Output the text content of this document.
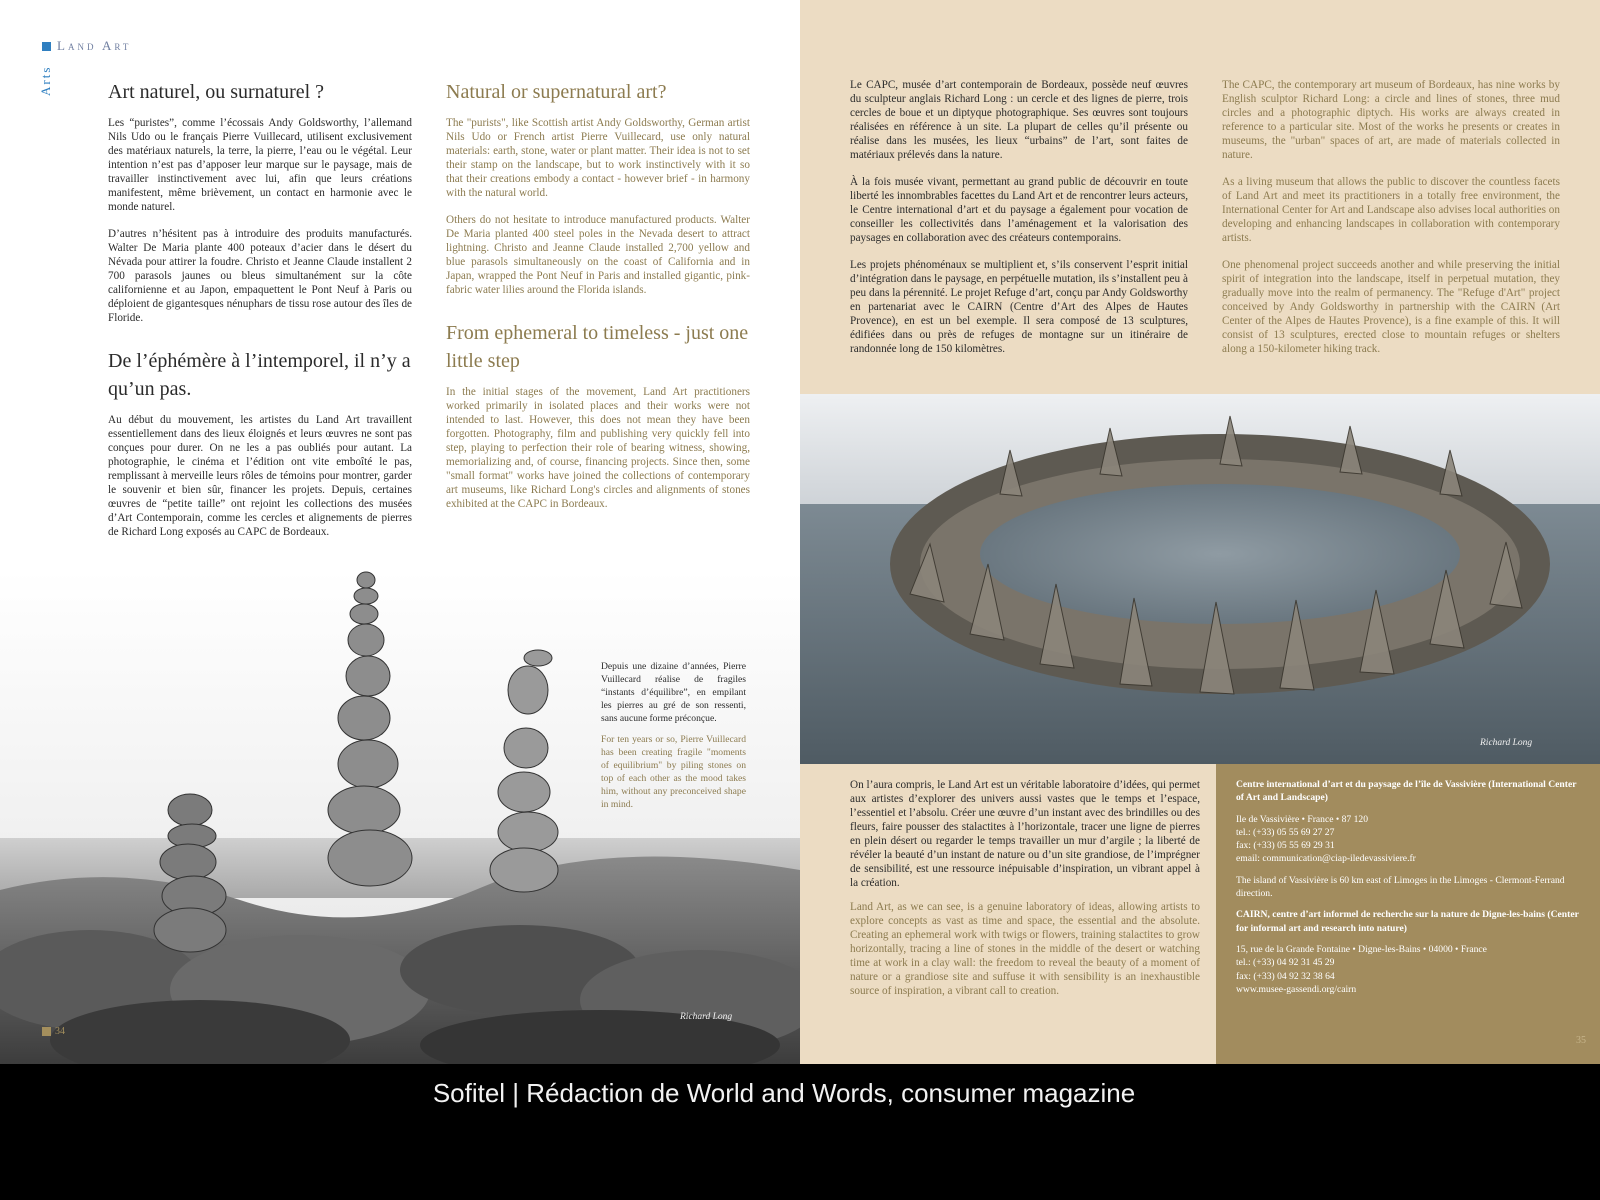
Land Art
Arts	Art naturel, ou surnaturel ?

Les “puristes”, comme l’écossais Andy Goldsworthy, l’allemand Nils Udo ou le français Pierre Vuillecard, utilisent exclusivement des matériaux naturels, la terre, la pierre, l’eau ou le végétal. Leur intention n’est pas d’apposer leur marque sur le paysage, mais de travailler instinctivement avec lui, afin que leurs créations manifestent, même brièvement, un contact en harmonie avec le monde naturel.

D’autres n’hésitent pas à introduire des produits manufacturés. Walter De Maria plante 400 poteaux d’acier dans le désert du Névada pour attirer la foudre. Christo et Jeanne Claude installent 2 700 parasols jaunes ou bleus simultanément sur la côte californienne et au Japon, empaquettent le Pont Neuf à Paris ou déploient de gigantesques nénuphars de tissu rose autour des îles de Floride.

De l’éphémère à l’intemporel, il n’y a qu’un pas.

Au début du mouvement, les artistes du Land Art travaillent essentiellement dans des lieux éloignés et leurs œuvres ne sont pas conçues pour durer. On ne les a pas oubliés pour autant. La photographie, le cinéma et l’édition ont vite emboîté le pas, remplissant à merveille leurs rôles de témoins pour montrer, garder le souvenir et bien sûr, financer les projets. Depuis, certaines œuvres de “petite taille” ont rejoint les collections des musées d’Art Contemporain, comme les cercles et alignements de pierres de Richard Long exposés au CAPC de Bordeaux.

Natural or supernatural art?

The "purists", like Scottish artist Andy Goldsworthy, German artist Nils Udo or French artist Pierre Vuillecard, use only natural materials: earth, stone, water or plant matter. Their idea is not to set their stamp on the landscape, but to work instinctively with it so that their creations embody a contact - however brief - in harmony with the natural world.

Others do not hesitate to introduce manufactured products. Walter De Maria planted 400 steel poles in the Nevada desert to attract lightning. Christo and Jeanne Claude installed 2,700 yellow and blue parasols simultaneously on the coast of California and in Japan, wrapped the Pont Neuf in Paris and installed gigantic, pink-fabric water lilies around the Florida islands.

From ephemeral to timeless - just one little step

In the initial stages of the movement, Land Art practitioners worked primarily in isolated places and their works were not intended to last. However, this does not mean they have been forgotten. Photography, film and publishing very quickly fell into step, playing to perfection their role of bearing witness, showing, memorializing and, of course, financing projects. Since then, some "small format" works have joined the collections of contemporary art museums, like Richard Long's circles and alignments of stones exhibited at the CAPC in Bordeaux.

Depuis une dizaine d’années, Pierre Vuillecard réalise de fragiles “instants d’équilibre”, en empilant les pierres au gré de son ressenti, sans aucune forme préconçue.

For ten years or so, Pierre Vuillecard has been creating fragile "moments of equilibrium" by piling stones on top of each other as the mood takes him, without any preconceived shape in mind.

Richard Long
34

Le CAPC, musée d’art contemporain de Bordeaux, possède neuf œuvres du sculpteur anglais Richard Long : un cercle et des lignes de pierre, trois cercles de boue et un diptyque photographique. Ses œuvres sont toujours réalisées en référence à un site. La plupart de celles qu’il présente ou réalise dans les musées, les lieux “urbains” de l’art, sont faites de matériaux prélevés dans la nature.

À la fois musée vivant, permettant au grand public de découvrir en toute liberté les innombrables facettes du Land Art et de rencontrer leurs acteurs, le Centre international d’art et du paysage a également pour vocation de conseiller les collectivités dans l’aménagement et la valorisation des paysages en collaboration avec des créateurs contemporains.

Les projets phénoménaux se multiplient et, s’ils conservent l’esprit initial d’intégration dans le paysage, en perpétuelle mutation, ils s’installent peu à peu dans la pérennité. Le projet Refuge d’art, conçu par Andy Goldsworthy en partenariat avec le CAIRN (Centre d’Art des Alpes de Hautes Provence), en est un bel exemple. Il sera composé de 13 sculptures, édifiées dans ou près de refuges de montagne sur un itinéraire de randonnée long de 150 kilomètres.

The CAPC, the contemporary art museum of Bordeaux, has nine works by English sculptor Richard Long: a circle and lines of stones, three mud circles and a photographic diptych. His works are always created in reference to a particular site. Most of the works he presents or creates in museums, the "urban" spaces of art, are made of materials collected in nature.

As a living museum that allows the public to discover the countless facets of Land Art and meet its practitioners in a totally free environment, the International Center for Art and Landscape also advises local authorities on developing and enhancing landscapes in collaboration with contemporary artists.

One phenomenal project succeeds another and while preserving the initial spirit of integration into the landscape, itself in perpetual mutation, they gradually move into the realm of permanency. The "Refuge d'Art" project conceived by Andy Goldsworthy in partnership with the CAIRN (Art Center of the Alpes de Hautes Provence), is a fine example of this. It will consist of 13 sculptures, erected close to mountain refuges or shelters along a 150-kilometer hiking track.

Richard Long

On l’aura compris, le Land Art est un véritable laboratoire d’idées, qui permet aux artistes d’explorer des univers aussi vastes que le temps et l’espace, l’essentiel et l’absolu. Créer une œuvre d’un instant avec des brindilles ou des fleurs, faire pousser des stalactites à l’horizontale, tracer une ligne de pierres en plein désert ou regarder le temps travailler un mur d’argile ; la liberté de révéler la beauté d’un instant de nature ou d’un site grandiose, de l’imprégner de sensibilité, est une ressource inépuisable d’inspiration, un vibrant appel à la création.

Land Art, as we can see, is a genuine laboratory of ideas, allowing artists to explore concepts as vast as time and space, the essential and the absolute. Creating an ephemeral work with twigs or flowers, training stalactites to grow horizontally, tracing a line of stones in the middle of the desert or watching time at work in a clay wall: the freedom to reveal the beauty of a moment of nature or a grandiose site and suffuse it with sensibility is an inexhaustible source of inspiration, a vibrant call to creation.

Centre international d’art et du paysage de l’île de Vassivière (International Center of Art and Landscape)

Ile de Vassivière • France • 87 120

tel.: (+33) 05 55 69 27 27

fax: (+33) 05 55 69 29 31

email: communication@ciap-iledevassiviere.fr

The island of Vassivière is 60 km east of Limoges in the Limoges - Clermont-Ferrand direction.

CAIRN, centre d’art informel de recherche sur la nature de Digne-les-bains (Center for informal art and research into nature)

15, rue de la Grande Fontaine • Digne-les-Bains • 04000 • France

tel.: (+33) 04 92 31 45 29

fax: (+33) 04 92 32 38 64

www.musee-gassendi.org/cairn

35
Sofitel | Rédaction de World and Words, consumer magazine
